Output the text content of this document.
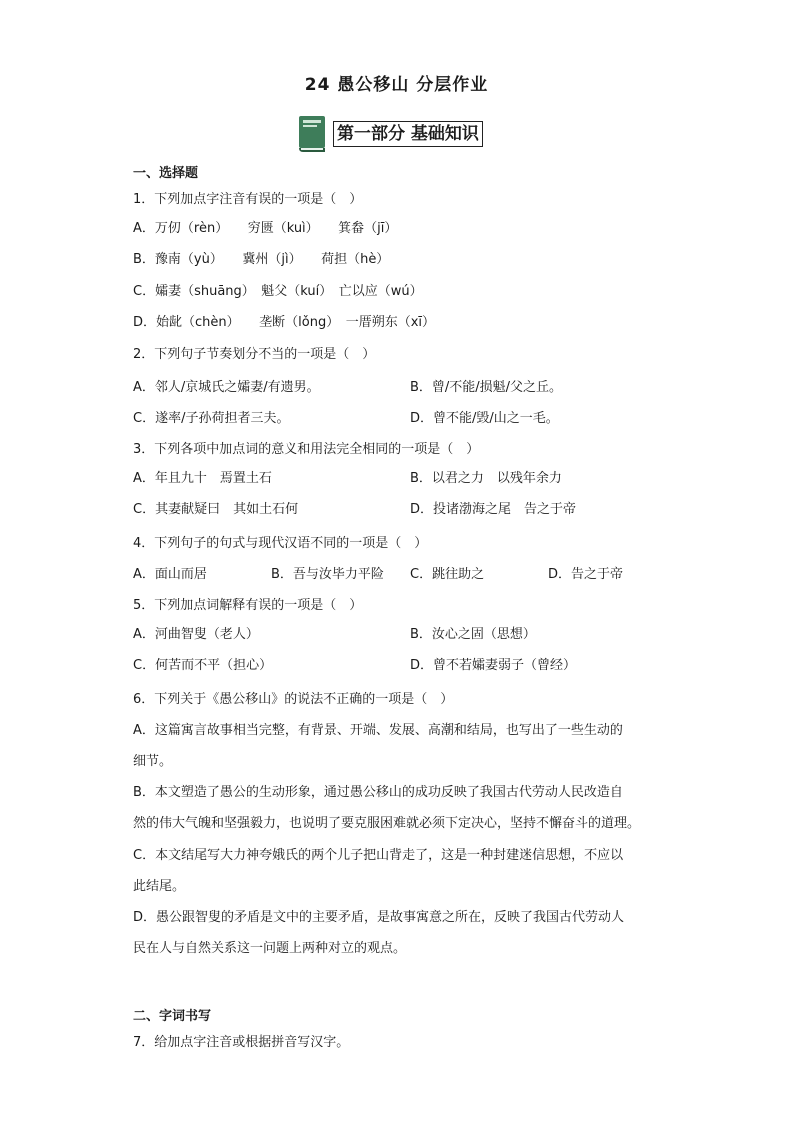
24 愚公移山 分层作业
第一部分 基础知识
一、选择题
1．下列加点字注音有误的一项是（　）
A．万仞（rèn）　　穷匮（kuì）　　箕畚（jī）
B．豫南（yù）　　冀州（jì）　　荷担（hè）
C．孀妻（shuāng）　魁父（kuí）　亡以应（wú）
D．始龀（chèn）　　垄断（lǒng）　一厝朔东（xī）
2．下列句子节奏划分不当的一项是（　）
A．邻人/京城氏之孀妻/有遗男。	B．曾/不能/损魁/父之丘。
C．遂率/子孙荷担者三夫。	D．曾不能/毁/山之一毛。
3．下列各项中加点词的意义和用法完全相同的一项是（　）
A．年且九十　焉置土石	B．以君之力　以残年余力
C．其妻献疑曰　其如土石何	D．投诸渤海之尾　告之于帝
4．下列句子的句式与现代汉语不同的一项是（　）
A．面山而居	B．吾与汝毕力平险 C．跳往助之	D．告之于帝
5．下列加点词解释有误的一项是（　）
A．河曲智叟（老人）	B．汝心之固（思想）
C．何苦而不平（担心）	D．曾不若孀妻弱子（曾经）
6．下列关于《愚公移山》的说法不正确的一项是（　）
A．这篇寓言故事相当完整，有背景、开端、发展、高潮和结局，也写出了一些生动的
细节。
B．本文塑造了愚公的生动形象，通过愚公移山的成功反映了我国古代劳动人民改造自
然的伟大气魄和坚强毅力，也说明了要克服困难就必须下定决心，坚持不懈奋斗的道理。
C．本文结尾写大力神夸娥氏的两个儿子把山背走了，这是一种封建迷信思想，不应以
此结尾。
D．愚公跟智叟的矛盾是文中的主要矛盾，是故事寓意之所在，反映了我国古代劳动人
民在人与自然关系这一问题上两种对立的观点。
二、字词书写
7．给加点字注音或根据拼音写汉字。
